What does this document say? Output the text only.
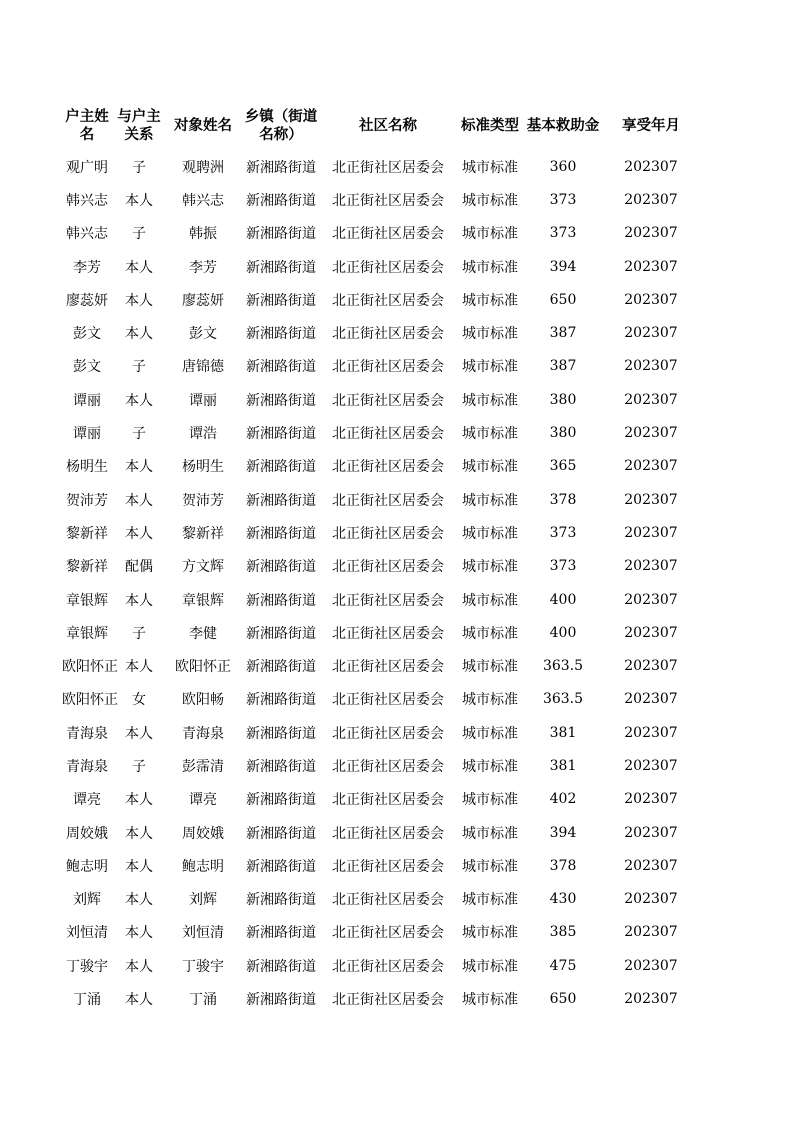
户主姓名	与户主关系	对象姓名	乡镇（街道名称）	社区名称	标准类型	基本救助金	享受年月
观广明	子	观聘洲	新湘路街道	北正街社区居委会	城市标准	360	202307
韩兴志	本人	韩兴志	新湘路街道	北正街社区居委会	城市标准	373	202307
韩兴志	子	韩振	新湘路街道	北正街社区居委会	城市标准	373	202307
李芳	本人	李芳	新湘路街道	北正街社区居委会	城市标准	394	202307
廖蕊妍	本人	廖蕊妍	新湘路街道	北正街社区居委会	城市标准	650	202307
彭文	本人	彭文	新湘路街道	北正街社区居委会	城市标准	387	202307
彭文	子	唐锦德	新湘路街道	北正街社区居委会	城市标准	387	202307
谭丽	本人	谭丽	新湘路街道	北正街社区居委会	城市标准	380	202307
谭丽	子	谭浩	新湘路街道	北正街社区居委会	城市标准	380	202307
杨明生	本人	杨明生	新湘路街道	北正街社区居委会	城市标准	365	202307
贺沛芳	本人	贺沛芳	新湘路街道	北正街社区居委会	城市标准	378	202307
黎新祥	本人	黎新祥	新湘路街道	北正街社区居委会	城市标准	373	202307
黎新祥	配偶	方文辉	新湘路街道	北正街社区居委会	城市标准	373	202307
章银辉	本人	章银辉	新湘路街道	北正街社区居委会	城市标准	400	202307
章银辉	子	李健	新湘路街道	北正街社区居委会	城市标准	400	202307
欧阳怀正	本人	欧阳怀正	新湘路街道	北正街社区居委会	城市标准	363.5	202307
欧阳怀正	女	欧阳畅	新湘路街道	北正街社区居委会	城市标准	363.5	202307
青海泉	本人	青海泉	新湘路街道	北正街社区居委会	城市标准	381	202307
青海泉	子	彭霈清	新湘路街道	北正街社区居委会	城市标准	381	202307
谭亮	本人	谭亮	新湘路街道	北正街社区居委会	城市标准	402	202307
周姣娥	本人	周姣娥	新湘路街道	北正街社区居委会	城市标准	394	202307
鲍志明	本人	鲍志明	新湘路街道	北正街社区居委会	城市标准	378	202307
刘辉	本人	刘辉	新湘路街道	北正街社区居委会	城市标准	430	202307
刘恒清	本人	刘恒清	新湘路街道	北正街社区居委会	城市标准	385	202307
丁骏宇	本人	丁骏宇	新湘路街道	北正街社区居委会	城市标准	475	202307
丁涌	本人	丁涌	新湘路街道	北正街社区居委会	城市标准	650	202307
